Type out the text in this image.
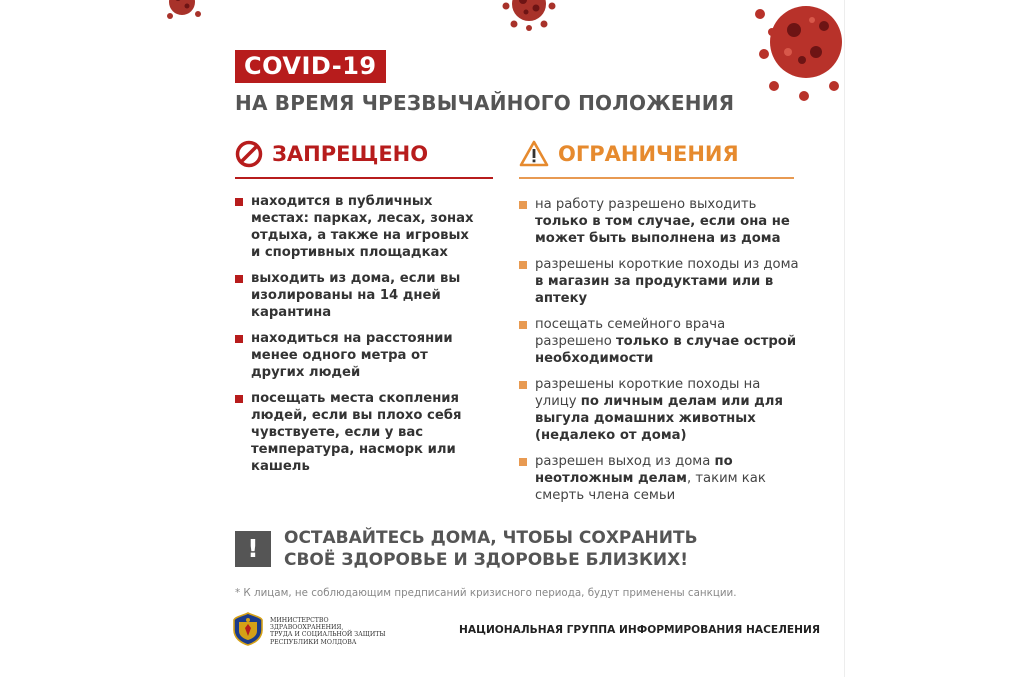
COVID-19
НА ВРЕМЯ ЧРЕЗВЫЧАЙНОГО ПОЛОЖЕНИЯ
ЗАПРЕЩЕНО
находится в публичных местах: парках, лесах, зонах отдыха, а также на игровых и спортивных площадках
выходить из дома, если вы изолированы на 14 дней карантина
находиться на расстоянии менее одного метра от других людей
посещать места скопления людей, если вы плохо себя чувствуете, если у вас температура, насморк или кашель
ОГРАНИЧЕНИЯ
на работу разрешено выходить только в том случае, если она не может быть выполнена из дома
разрешены короткие походы из дома в магазин за продуктами или в аптеку
посещать семейного врача разрешено только в случае острой необходимости
разрешены короткие походы на улицу по личным делам или для выгула домашних животных (недалеко от дома)
разрешен выход из дома по неотложным делам, таким как смерть члена семьи
!	ОСТАВАЙТЕСЬ ДОМА, ЧТОБЫ СОХРАНИТЬ
СВОЁ ЗДОРОВЬЕ И ЗДОРОВЬЕ БЛИЗКИХ!
* К лицам, не соблюдающим предписаний кризисного периода, будут применены санкции.
МИНИСТЕРСТВО ЗДРАВООХРАНЕНИЯ,
ТРУДА И СОЦИАЛЬНОЙ ЗАЩИТЫ
РЕСПУБЛИКИ МОЛДОВА
НАЦИОНАЛЬНАЯ ГРУППА ИНФОРМИРОВАНИЯ НАСЕЛЕНИЯ
